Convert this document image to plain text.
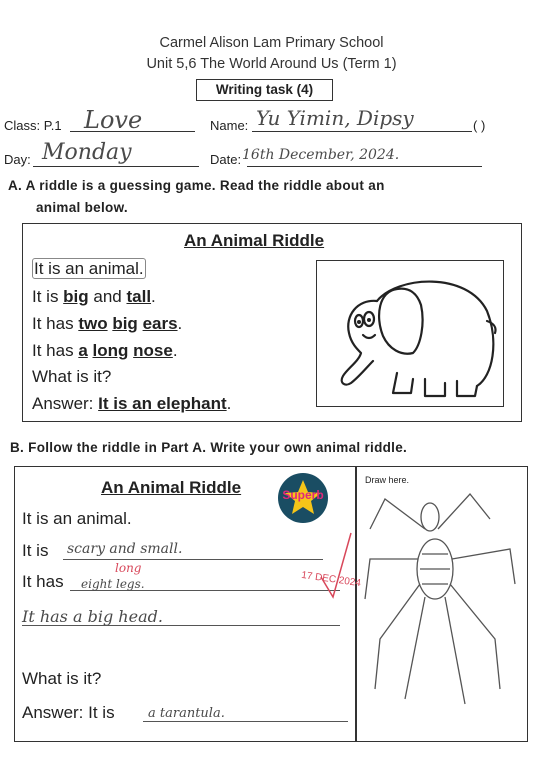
Carmel Alison Lam Primary School
Unit 5,6 The World Around Us (Term 1)
Writing task (4)
Class: P.1 Love	Name: Yu Yimin, Dipsy	( )
Day: Monday	Date: 16th December, 2024.
A. A riddle is a guessing game. Read the riddle about an
animal below.
An Animal Riddle
It is an animal.
It is big and tall.
It has two big ears.
It has a long nose.
What is it?
Answer: It is an elephant.
B. Follow the riddle in Part A. Write your own animal riddle.
An Animal Riddle	Superb
It is an animal.
It is scary and small.
It has eight legs.
long
It has a big head.
What is it?
Answer: It is	a tarantula.
17 DEC 2024
Draw here.
